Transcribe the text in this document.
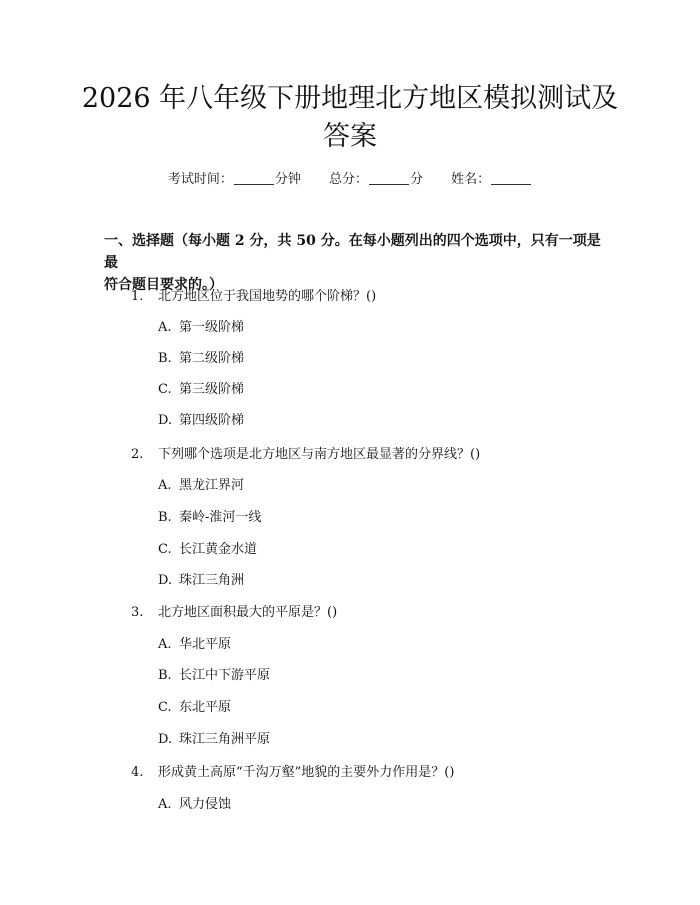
2026 年八年级下册地理北方地区模拟测试及
答案
考试时间：	分钟 总分：	分 姓名：
一、选择题（每小题 2 分，共 50 分。在每小题列出的四个选项中，只有一项是最
符合题目要求的。）
1. 北方地区位于我国地势的哪个阶梯？()
A. 第一级阶梯
B. 第二级阶梯
C. 第三级阶梯
D. 第四级阶梯
2. 下列哪个选项是北方地区与南方地区最显著的分界线？()
A. 黑龙江界河
B. 秦岭-淮河一线
C. 长江黄金水道
D. 珠江三角洲
3. 北方地区面积最大的平原是？()
A. 华北平原
B. 长江中下游平原
C. 东北平原
D. 珠江三角洲平原
4. 形成黄土高原“千沟万壑”地貌的主要外力作用是？()
A. 风力侵蚀
